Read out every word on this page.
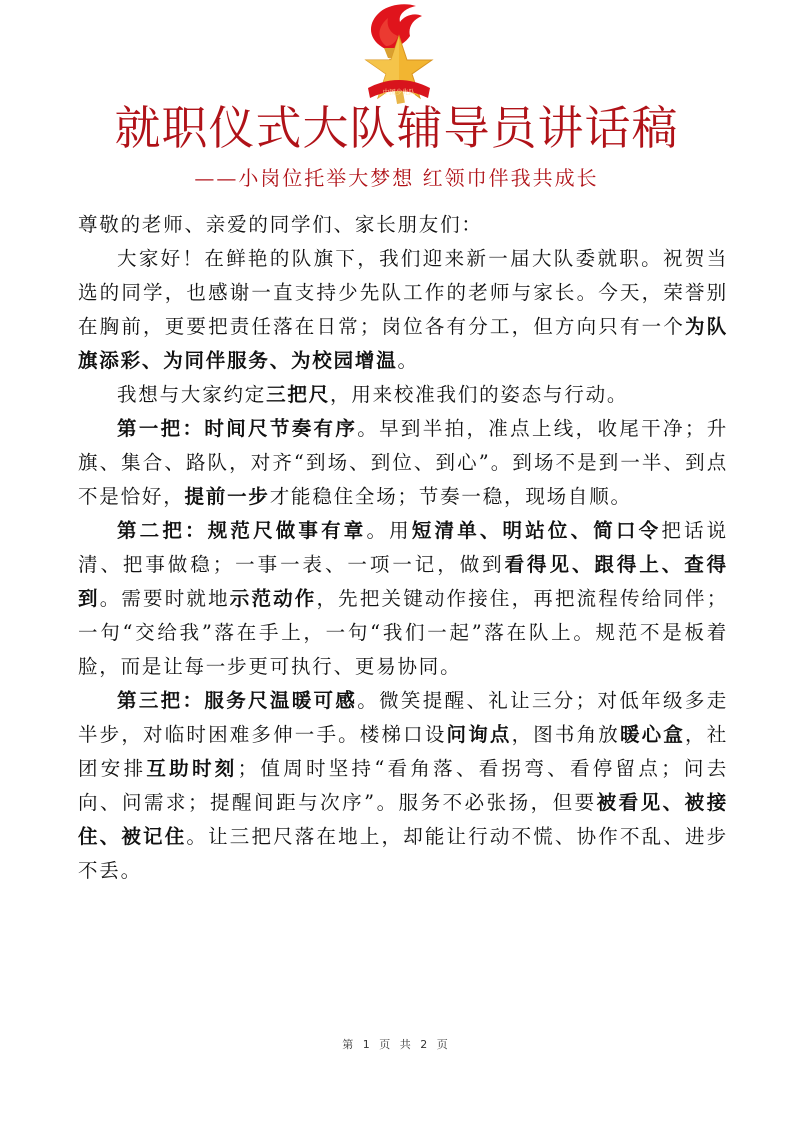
中国少先队
就职仪式大队辅导员讲话稿
——小岗位托举大梦想 红领巾伴我共成长

尊敬的老师、亲爱的同学们、家长朋友们：

大家好！在鲜艳的队旗下，我们迎来新一届大队委就职。祝贺当选的同学，也感谢一直支持少先队工作的老师与家长。今天，荣誉别在胸前，更要把责任落在日常；岗位各有分工，但方向只有一个为队旗添彩、为同伴服务、为校园增温。

我想与大家约定三把尺，用来校准我们的姿态与行动。

第一把：时间尺节奏有序。早到半拍，准点上线，收尾干净；升旗、集合、路队，对齐“到场、到位、到心”。到场不是到一半、到点不是恰好，提前一步才能稳住全场；节奏一稳，现场自顺。

第二把：规范尺做事有章。用短清单、明站位、简口令把话说清、把事做稳；一事一表、一项一记，做到看得见、跟得上、查得到。需要时就地示范动作，先把关键动作接住，再把流程传给同伴；一句“交给我”落在手上，一句“我们一起”落在队上。规范不是板着脸，而是让每一步更可执行、更易协同。

第三把：服务尺温暖可感。微笑提醒、礼让三分；对低年级多走半步，对临时困难多伸一手。楼梯口设问询点，图书角放暖心盒，社团安排互助时刻；值周时坚持“看角落、看拐弯、看停留点；问去向、问需求；提醒间距与次序”。服务不必张扬，但要被看见、被接住、被记住。让三把尺落在地上，却能让行动不慌、协作不乱、进步不丢。

第 1 页 共 2 页
